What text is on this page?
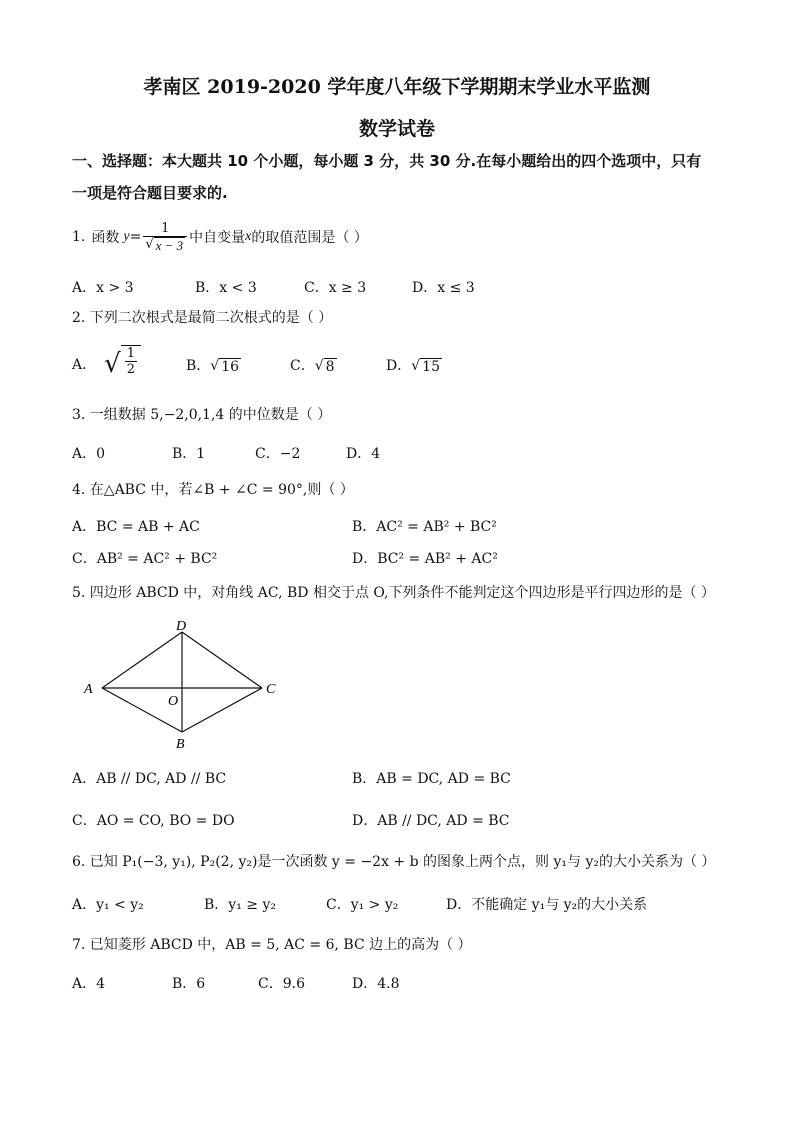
孝南区 2019-2020 学年度八年级下学期期末学业水平监测
数学试卷
一、选择题：本大题共 10 个小题，每小题 3 分，共 30 分.在每小题给出的四个选项中，只有
一项是符合题目要求的.
1. 函数 $y = \frac{1}{√ x - 3}$ 中自变量 x 的取值范围是（ ）
A．x > 3	B．x < 3	C．x ≥ 3	D．x ≤ 3
2. 下列二次根式是最简二次根式的是（ ）
A． √ $\frac{1}{2}$	B． √ 16	C． √ 8	D． √ 15
3. 一组数据 5,−2,0,1,4 的中位数是（ ）
A．0	B．1	C．−2	D．4
4. 在△ABC 中，若∠B + ∠C = 90°,则（ ）
A．BC = AB + AC	B．AC² = AB² + BC²
C．AB² = AC² + BC²	D．BC² = AB² + AC²
5. 四边形 ABCD 中，对角线 AC, BD 相交于点 O,下列条件不能判定这个四边形是平行四边形的是（ ）
A
D
C
B
O
A．AB // DC, AD // BC	B．AB = DC, AD = BC
C．AO = CO, BO = DO	D．AB // DC, AD = BC
6. 已知 P₁(−3, y₁), P₂(2, y₂)是一次函数 y = −2x + b 的图象上两个点，则 y₁与 y₂的大小关系为（ ）
A．y₁ < y₂	B．y₁ ≥ y₂	C．y₁ > y₂	D．不能确定 y₁与 y₂的大小关系
7. 已知菱形 ABCD 中，AB = 5, AC = 6, BC 边上的高为（ ）
A．4	B．6	C．9.6	D．4.8
